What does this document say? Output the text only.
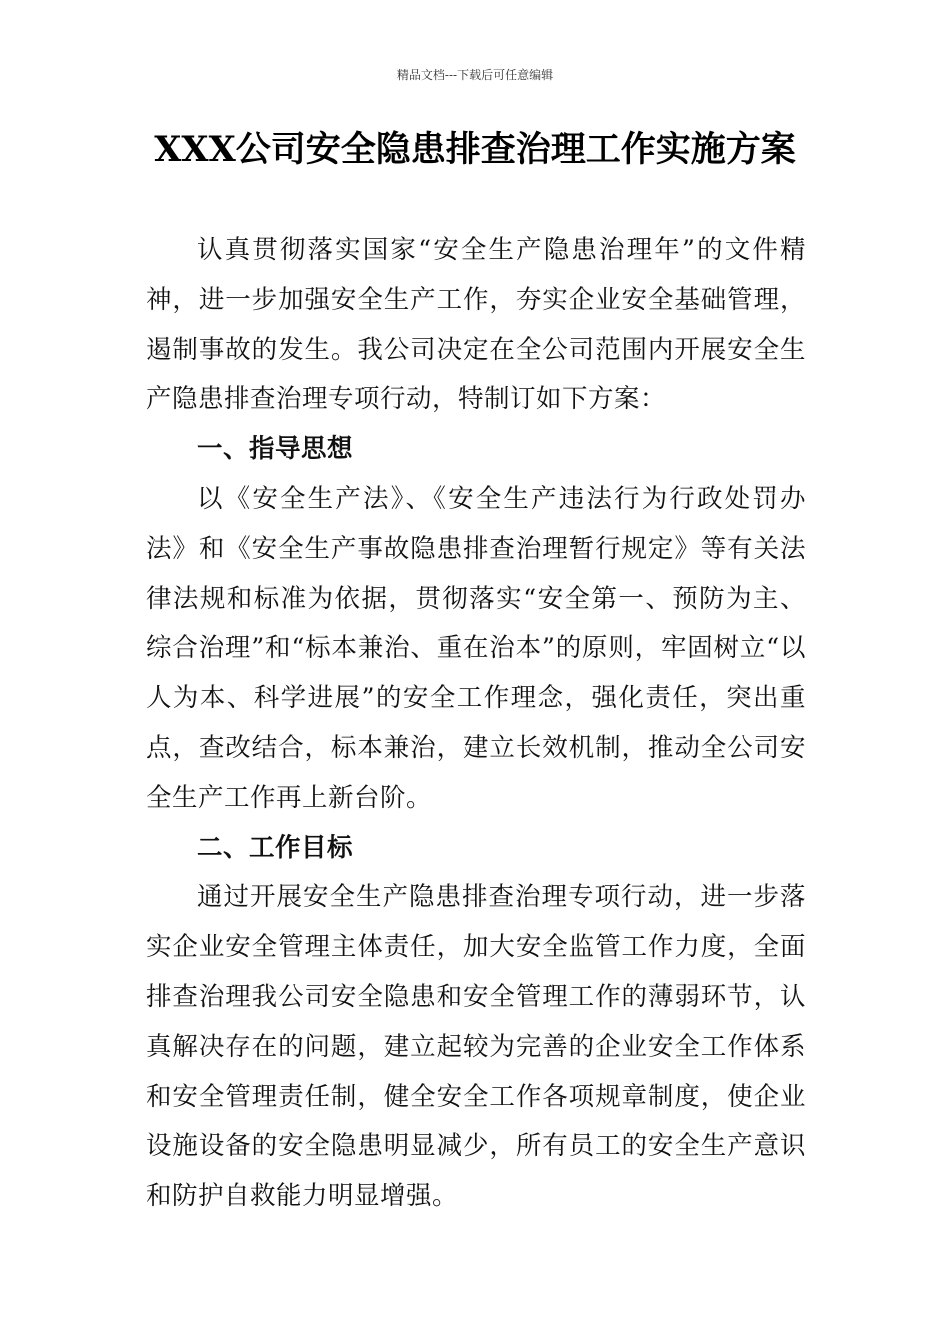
精品文档---下载后可任意编辑
XXX公司安全隐患排查治理工作实施方案

认真贯彻落实国家“安全生产隐患治理年”的文件精神，进一步加强安全生产工作，夯实企业安全基础管理，遏制事故的发生。我公司决定在全公司范围内开展安全生产隐患排查治理专项行动，特制订如下方案：

一、指导思想

以《安全生产法》、《安全生产违法行为行政处罚办法》和《安全生产事故隐患排查治理暂行规定》等有关法律法规和标准为依据，贯彻落实“安全第一、预防为主、综合治理”和“标本兼治、重在治本”的原则，牢固树立“以人为本、科学进展”的安全工作理念，强化责任，突出重点，查改结合，标本兼治，建立长效机制，推动全公司安全生产工作再上新台阶。

二、工作目标

通过开展安全生产隐患排查治理专项行动，进一步落实企业安全管理主体责任，加大安全监管工作力度，全面排查治理我公司安全隐患和安全管理工作的薄弱环节，认真解决存在的问题，建立起较为完善的企业安全工作体系和安全管理责任制，健全安全工作各项规章制度，使企业设施设备的安全隐患明显减少，所有员工的安全生产意识和防护自救能力明显增强。
